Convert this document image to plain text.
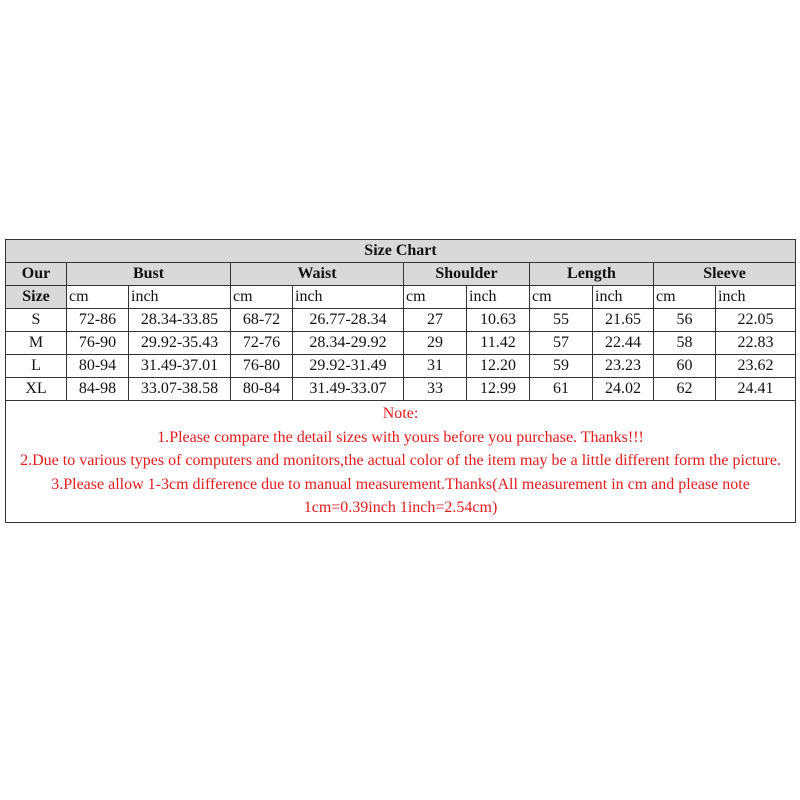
Size Chart										
Our	Bust		Waist		Shoulder		Length		Sleeve	
Size	cm	inch	cm	inch	cm	inch	cm	inch	cm	inch
S	72-86	28.34-33.85	68-72	26.77-28.34	27	10.63	55	21.65	56	22.05
M	76-90	29.92-35.43	72-76	28.34-29.92	29	11.42	57	22.44	58	22.83
L	80-94	31.49-37.01	76-80	29.92-31.49	31	12.20	59	23.23	60	23.62
XL	84-98	33.07-38.58	80-84	31.49-33.07	33	12.99	61	24.02	62	24.41

Note:
1.Please compare the detail sizes with yours before you purchase. Thanks!!!
2.Due to various types of computers and monitors,the actual color of the item may be a little different form the picture.
3.Please allow 1-3cm difference due to manual measurement.Thanks(All measurement in cm and please note 1cm=0.39inch 1inch=2.54cm)										
